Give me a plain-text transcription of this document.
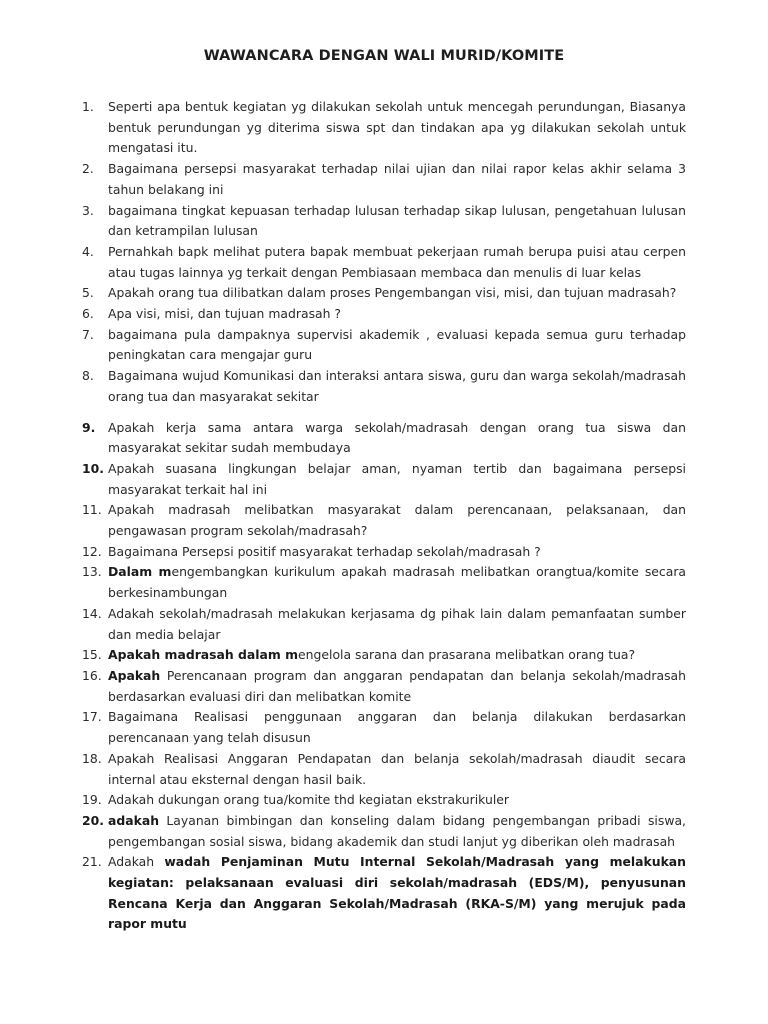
WAWANCARA DENGAN WALI MURID/KOMITE
1.	Seperti apa bentuk kegiatan yg dilakukan sekolah untuk mencegah perundungan, Biasanya bentuk perundungan yg diterima siswa spt dan tindakan apa yg dilakukan sekolah untuk mengatasi itu.
2.	Bagaimana persepsi masyarakat terhadap nilai ujian dan nilai rapor kelas akhir selama 3 tahun belakang ini
3.	bagaimana tingkat kepuasan terhadap lulusan terhadap sikap lulusan, pengetahuan lulusan dan ketrampilan lulusan
4.	Pernahkah bapk melihat putera bapak membuat pekerjaan rumah berupa puisi atau cerpen atau tugas lainnya yg terkait dengan Pembiasaan membaca dan menulis di luar kelas
5.	Apakah orang tua dilibatkan dalam proses Pengembangan visi, misi, dan tujuan madrasah?
6.	Apa visi, misi, dan tujuan madrasah ?
7.	bagaimana pula dampaknya supervisi akademik , evaluasi kepada semua guru terhadap peningkatan cara mengajar guru
8.	Bagaimana wujud Komunikasi dan interaksi antara siswa, guru dan warga sekolah/madrasah orang tua dan masyarakat sekitar
9.	Apakah kerja sama antara warga sekolah/madrasah dengan orang tua siswa dan masyarakat sekitar sudah membudaya
10. Apakah suasana lingkungan belajar aman, nyaman tertib dan bagaimana persepsi masyarakat terkait hal ini
11. Apakah madrasah melibatkan masyarakat dalam perencanaan, pelaksanaan, dan pengawasan program sekolah/madrasah?
12. Bagaimana Persepsi positif masyarakat terhadap sekolah/madrasah ?
13. Dalam mengembangkan kurikulum apakah madrasah melibatkan orangtua/komite secara berkesinambungan
14. Adakah sekolah/madrasah melakukan kerjasama dg pihak lain dalam pemanfaatan sumber dan media belajar
15. Apakah madrasah dalam mengelola sarana dan prasarana melibatkan orang tua?
16. Apakah Perencanaan program dan anggaran pendapatan dan belanja sekolah/madrasah berdasarkan evaluasi diri dan melibatkan komite
17. Bagaimana Realisasi penggunaan anggaran dan belanja dilakukan berdasarkan perencanaan yang telah disusun
18. Apakah Realisasi Anggaran Pendapatan dan belanja sekolah/madrasah diaudit secara internal atau eksternal dengan hasil baik.
19. Adakah dukungan orang tua/komite thd kegiatan ekstrakurikuler
20. adakah Layanan bimbingan dan konseling dalam bidang pengembangan pribadi siswa, pengembangan sosial siswa, bidang akademik dan studi lanjut yg diberikan oleh madrasah
21. Adakah wadah Penjaminan Mutu Internal Sekolah/Madrasah yang melakukan kegiatan: pelaksanaan evaluasi diri sekolah/madrasah (EDS/M), penyusunan Rencana Kerja dan Anggaran Sekolah/Madrasah (RKA-S/M) yang merujuk pada rapor mutu
